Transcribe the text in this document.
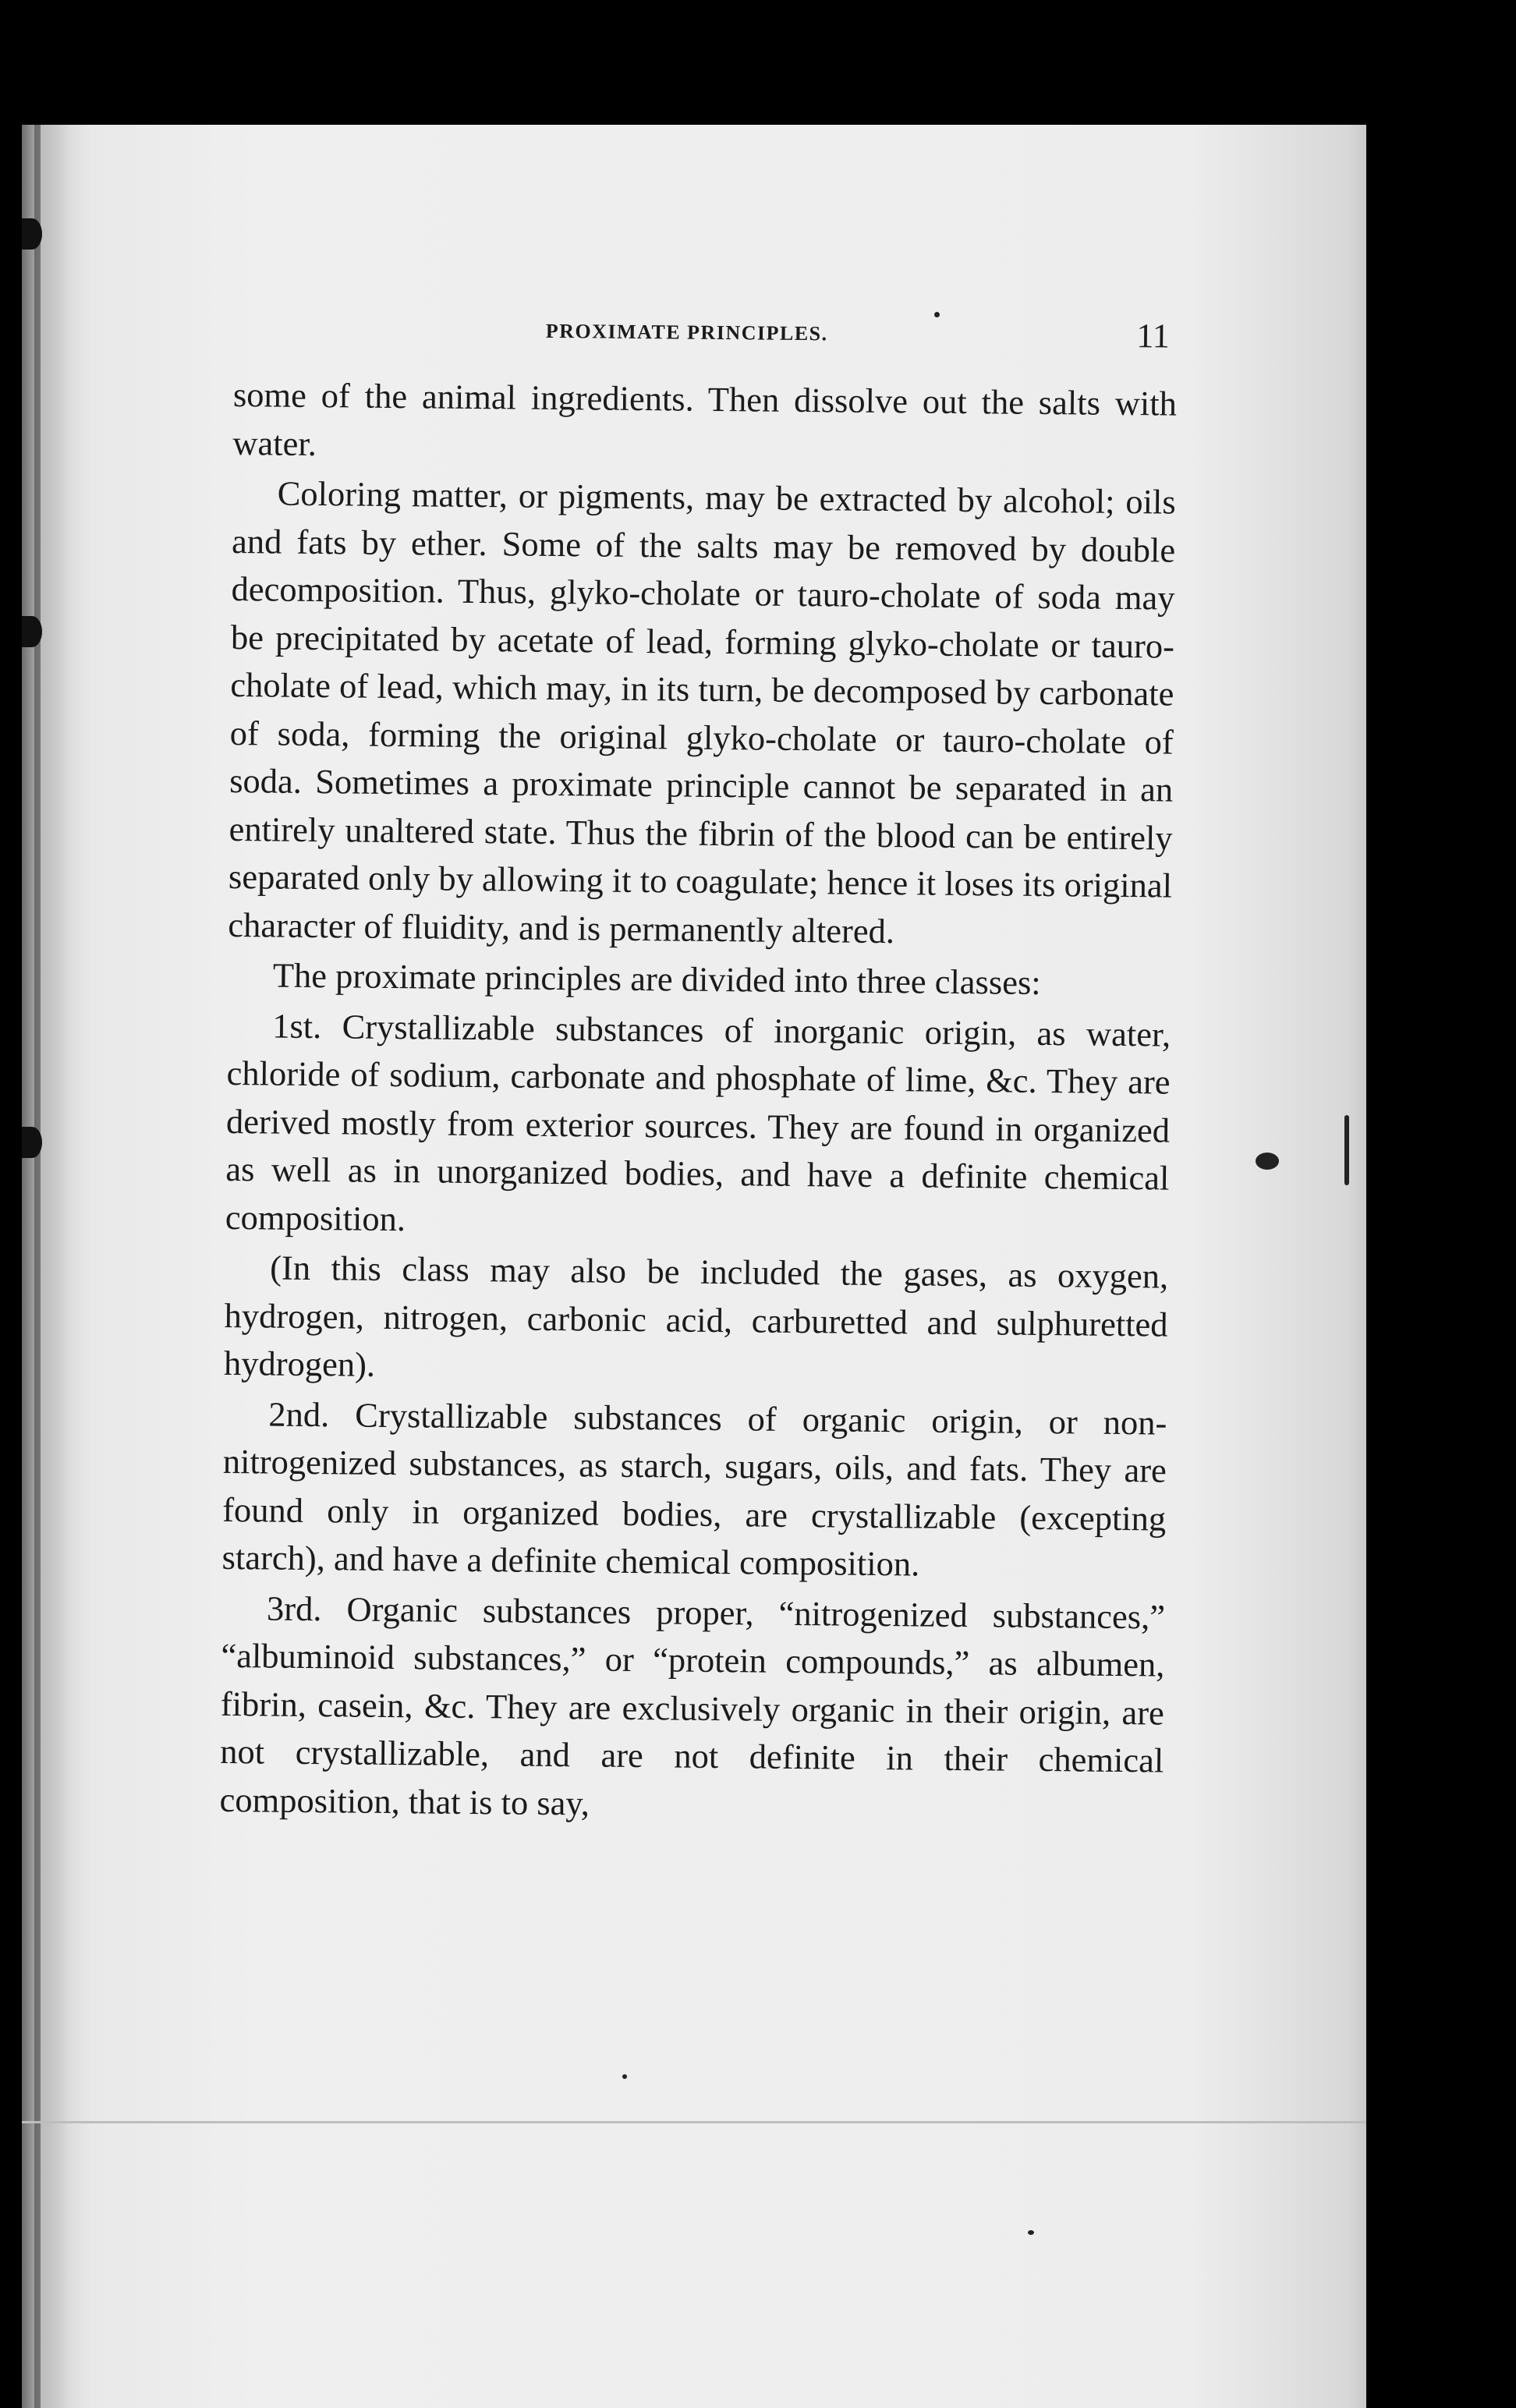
PROXIMATE PRINCIPLES.	11

some of the animal ingredients. Then dissolve out the salts with water.

Coloring matter, or pigments, may be extracted by alcohol; oils and fats by ether. Some of the salts may be removed by double decomposition. Thus, glyko-cholate or tauro-cholate of soda may be precipitated by acetate of lead, forming glyko-cholate or tauro-cholate of lead, which may, in its turn, be decomposed by carbonate of soda, forming the original glyko-cholate or tauro-cholate of soda. Sometimes a proximate principle cannot be separated in an entirely unaltered state. Thus the fibrin of the blood can be entirely separated only by allowing it to coagulate; hence it loses its original character of fluidity, and is permanently altered.

The proximate principles are divided into three classes:

1st. Crystallizable substances of inorganic origin, as water, chloride of sodium, carbonate and phosphate of lime, &c. They are derived mostly from exterior sources. They are found in organized as well as in unorganized bodies, and have a definite chemical composition.

(In this class may also be included the gases, as oxygen, hydrogen, nitrogen, carbonic acid, carburetted and sulphuretted hydrogen).

2nd. Crystallizable substances of organic origin, or non-nitrogenized substances, as starch, sugars, oils, and fats. They are found only in organized bodies, are crystallizable (excepting starch), and have a definite chemical composition.

3rd. Organic substances proper, “nitrogenized substances,” “albuminoid substances,” or “protein compounds,” as albumen, fibrin, casein, &c. They are exclusively organic in their origin, are not crystallizable, and are not definite in their chemical composition, that is to say,
